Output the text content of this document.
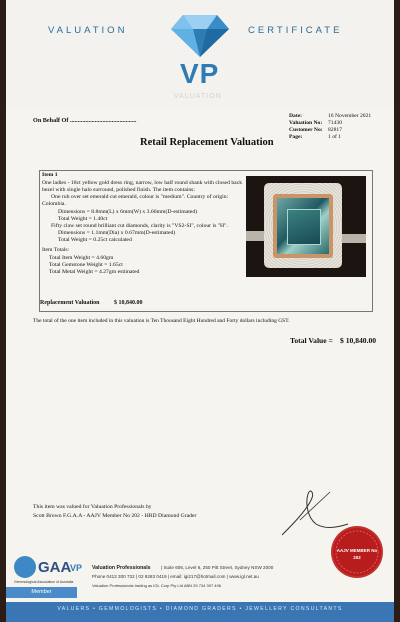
VALUATION	CERTIFICATE
VP
VALUATION
On Behalf Of ...........................................
Date:	16 November 2021
Valuation No: 71430
Customer No: 82817
Page:	1 of 1
Retail Replacement Valuation
Item 1
One ladies - 18ct yellow gold dress ring, narrow, low half round shank with closed back
bezel with single halo surround, polished finish. The item contains:
One rub over set emerald cut emerald, colour is "medium". Country of origin:
Colombia.
Dimensions = 8.8mm(L) x 6mm(W) x 3.66mm(D-estimated)
Total Weight = 1.40ct
Fifty claw set round brilliant cut diamonds, clarity is "VS2-SI", colour is "H".
Dimensions = 1.1mm(Dia) x 0.67mm(D-estimated)
Total Weight = 0.25ct calculated
Item Totals:
Total Item Weight = 4.60gm
Total Gemstone Weight = 1.65ct
Total Metal Weight = 4.27gm estimated
Replacement Valuation $ 10,840.00
The total of the one item included in this valuation is Ten Thousand Eight Hundred and Forty dollars including GST.
Total Value = $ 10,840.00
This item was valued for Valuation Professionals by
Scott Brown F.G.A.A - AAJV Member No 202 - HRD Diamond Grader
AAJV MEMBER No
202
GAA
Gemmological Association of Australia
Member
VP Valuation Professionals | Suite 606, Level 6, 250 Pitt Street, Sydney NSW 2000
Phone 0412 300 732 | 02 9283 0419 | email: igi217@hotmail.com | www.igl.net.au
Valuation Professionals trading as IGL Corp Pty Ltd ABN 25 734 397 496
VALUERS • GEMMOLOGISTS • DIAMOND GRADERS • JEWELLERY CONSULTANTS
